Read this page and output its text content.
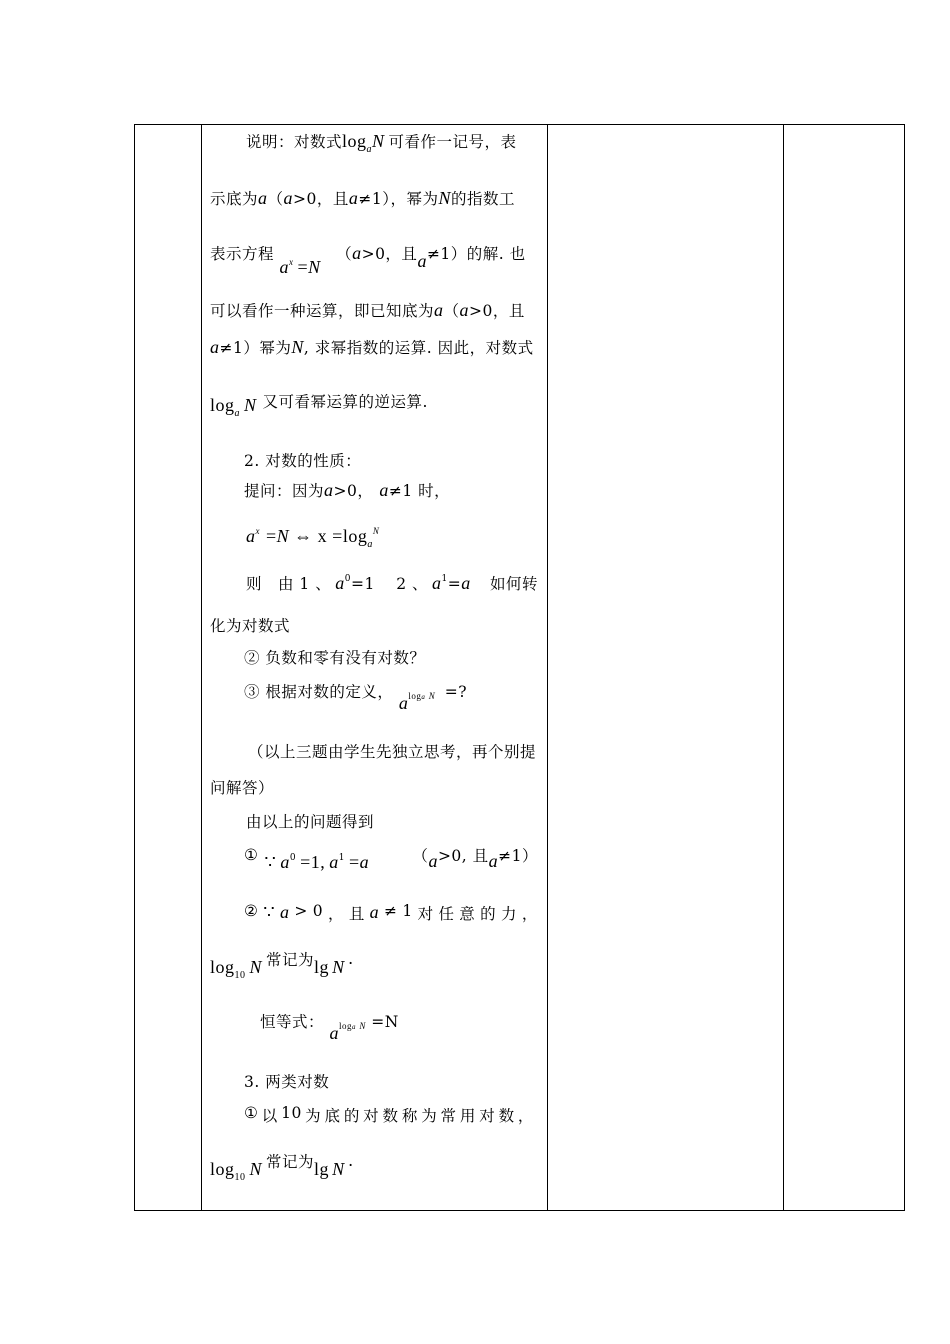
说明：对数式$\log_aN$ 可看作一记号，表
示底为a（a>0，且a≠1），幂为N的指数工
表示方程 $a^x =N$ （a>0，且a≠1）的解. 也
可以看作一种运算，即已知底为a（a>0，且
a≠1）幂为N, 求幂指数的运算. 因此，对数式
$\log_a N$ 又可看幂运算的逆运算.
2. 对数的性质：
提问：因为a>0， a≠1 时，
$a^x =N$ ⇔ $x =\log_a^N$
则　由 1 、 $a^0=1$　 2 、 $a^1=a$ 如何转
化为对数式
② 负数和零有没有对数？
③ 根据对数的定义， $a^{loga N}$ =?
（以上三题由学生先独立思考，再个别提
问解答）
由以上的问题得到
① ∵ $a^0 =1$, $a^1 =a$	（a>0, 且a≠1）
② ∵ a > 0 ， 且 a ≠ 1 对 任 意 的 力 ，
$\log_{10} N$ 常记为lg N ·
恒等式： $a^{loga N} =N$
3. 两类对数
① 以 10 为 底 的 对 数 称 为 常 用 对 数 ，
$\log_{10} N$ 常记为lg N ·
